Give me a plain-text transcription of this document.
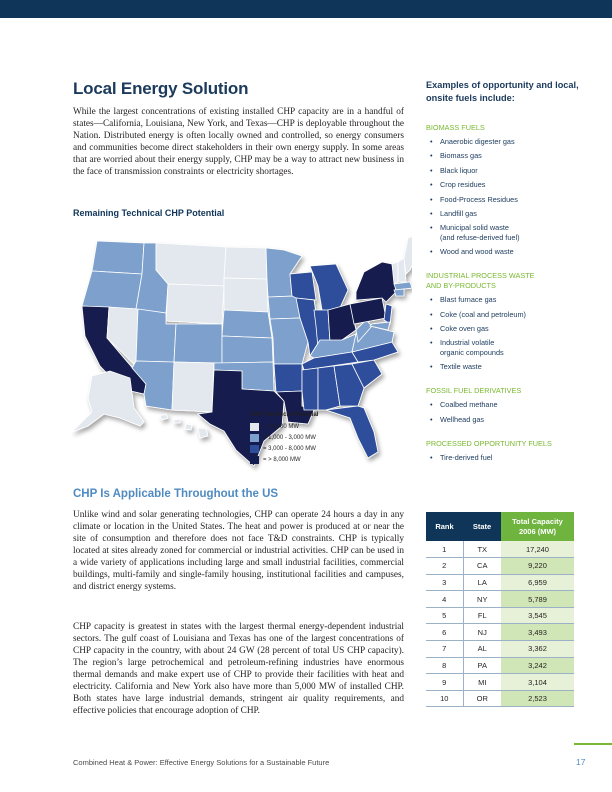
Local Energy Solution

While the largest concentrations of existing installed CHP capacity are in a handful of states—California, Louisiana, New York, and Texas—CHP is deployable throughout the Nation. Distributed energy is often locally owned and controlled, so energy consumers and communities become direct stakeholders in their own energy supply. In some areas that are worried about their energy supply, CHP may be a way to attract new business in the face of transmission constraints or electricity shortages.

Remaining Technical CHP Potential
CHP Technical Potential
= <1,000 MW
= 1,000 - 3,000 MW
= 3,000 - 8,000 MW
= > 8,000 MW
CHP Is Applicable Throughout the US

Unlike wind and solar generating technologies, CHP can operate 24 hours a day in any climate or location in the United States. The heat and power is produced at or near the site of consumption and therefore does not face T&D constraints. CHP is typically located at sites already zoned for commercial or industrial activities. CHP can be used in a wide variety of applications including large and small industrial facilities, commercial buildings, multi-family and single-family housing, institutional facilities and campuses, and district energy systems.

CHP capacity is greatest in states with the largest thermal energy-dependent industrial sectors. The gulf coast of Louisiana and Texas has one of the largest concentrations of CHP capacity in the country, with about 24 GW (28 percent of total US CHP capacity). The region’s large petrochemical and petroleum-refining industries have enormous thermal demands and make expert use of CHP to provide their facilities with heat and electricity. California and New York also have more than 5,000 MW of installed CHP. Both states have large industrial demands, stringent air quality requirements, and effective policies that encourage adoption of CHP.

Examples of opportunity and local, onsite fuels include:
BIOMASS FUELS
• Anaerobic digester gas
• Biomass gas
• Black liquor
• Crop residues
• Food-Process Residues
• Landfill gas
• Municipal solid waste
(and refuse-derived fuel)
• Wood and wood waste
INDUSTRIAL PROCESS WASTE
AND BY-PRODUCTS
• Blast furnace gas
• Coke (coal and petroleum)
• Coke oven gas
• Industrial volatile
organic compounds
• Textile waste
FOSSIL FUEL DERIVATIVES
• Coalbed methane
• Wellhead gas
PROCESSED OPPORTUNITY FUELS
• Tire-derived fuel
Rank	State	Total Capacity
2006 (MW)
1	TX	17,240
2	CA	9,220
3	LA	6,959
4	NY	5,789
5	FL	3,545
6	NJ	3,493
7	AL	3,362
8	PA	3,242
9	MI	3,104
10	OR	2,523
Combined Heat & Power: Effective Energy Solutions for a Sustainable Future	17
